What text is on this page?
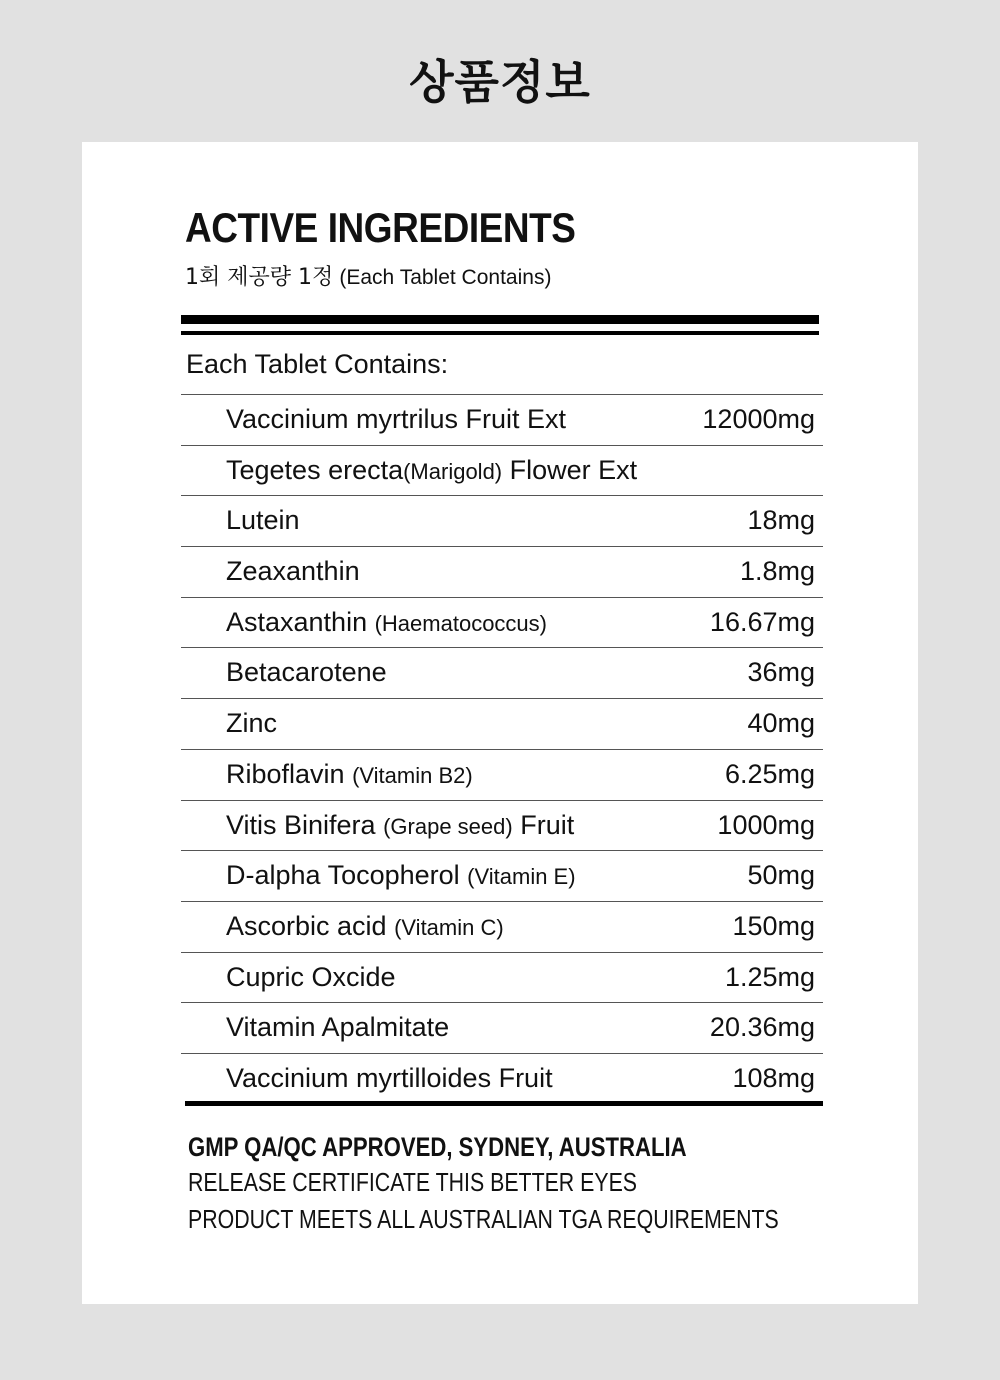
상품정보
ACTIVE INGREDIENTS
1회 제공량 1정 (Each Tablet Contains)
Each Tablet Contains:
Vaccinium myrtrilus Fruit Ext	12000mg
Tegetes erecta(Marigold) Flower Ext
Lutein	18mg
Zeaxanthin	1.8mg
Astaxanthin (Haematococcus)	16.67mg
Betacarotene	36mg
Zinc	40mg
Riboflavin (Vitamin B2)	6.25mg
Vitis Binifera (Grape seed) Fruit	1000mg
D-alpha Tocopherol (Vitamin E)	50mg
Ascorbic acid (Vitamin C)	150mg
Cupric Oxcide	1.25mg
Vitamin Apalmitate	20.36mg
Vaccinium myrtilloides Fruit	108mg
GMP QA/QC APPROVED, SYDNEY, AUSTRALIA
RELEASE CERTIFICATE THIS BETTER EYES
PRODUCT MEETS ALL AUSTRALIAN TGA REQUIREMENTS
